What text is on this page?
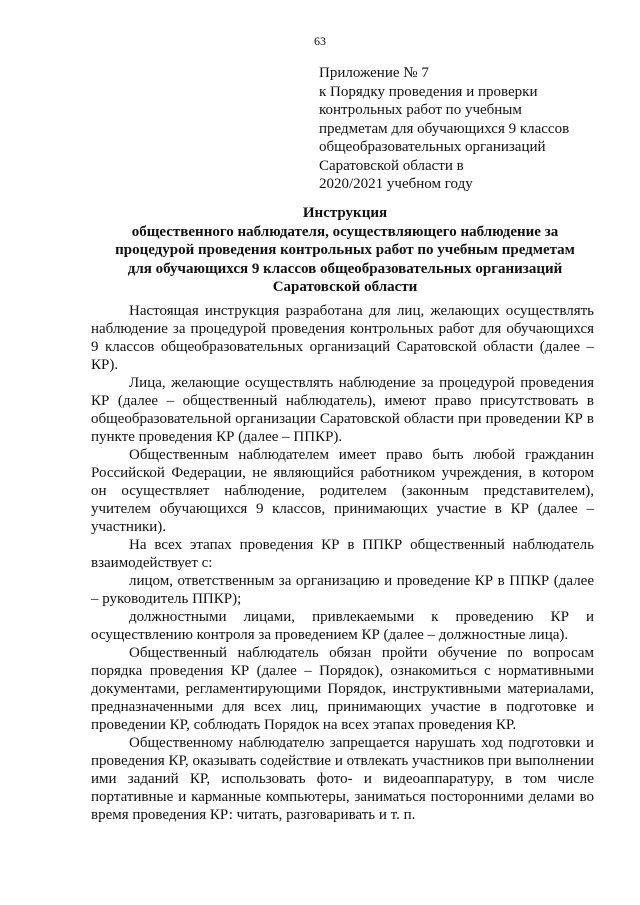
63
Приложение № 7
к Порядку проведения и проверки
контрольных работ по учебным
предметам для обучающихся 9 классов
общеобразовательных организаций
Саратовской области в
2020/2021 учебном году
Инструкция
общественного наблюдателя, осуществляющего наблюдение за
процедурой проведения контрольных работ по учебным предметам
для обучающихся 9 классов общеобразовательных организаций
Саратовской области

Настоящая инструкция разработана для лиц, желающих осуществлять наблюдение за процедурой проведения контрольных работ для обучающихся 9 классов общеобразовательных организаций Саратовской области (далее – КР).

Лица, желающие осуществлять наблюдение за процедурой проведения КР (далее – общественный наблюдатель), имеют право присутствовать в общеобразовательной организации Саратовской области при проведении КР в пункте проведения КР (далее – ППКР).

Общественным наблюдателем имеет право быть любой гражданин Российской Федерации, не являющийся работником учреждения, в котором он осуществляет наблюдение, родителем (законным представителем), учителем обучающихся 9 классов, принимающих участие в КР (далее – участники).

На всех этапах проведения КР в ППКР общественный наблюдатель взаимодействует с:

лицом, ответственным за организацию и проведение КР в ППКР (далее – руководитель ППКР);

должностными лицами, привлекаемыми к проведению КР и осуществлению контроля за проведением КР (далее – должностные лица).

Общественный наблюдатель обязан пройти обучение по вопросам порядка проведения КР (далее – Порядок), ознакомиться с нормативными документами, регламентирующими Порядок, инструктивными материалами, предназначенными для всех лиц, принимающих участие в подготовке и проведении КР, соблюдать Порядок на всех этапах проведения КР.

Общественному наблюдателю запрещается нарушать ход подготовки и проведения КР, оказывать содействие и отвлекать участников при выполнении ими заданий КР, использовать фото- и видеоаппаратуру, в том числе портативные и карманные компьютеры, заниматься посторонними делами во время проведения КР: читать, разговаривать и т. п.
